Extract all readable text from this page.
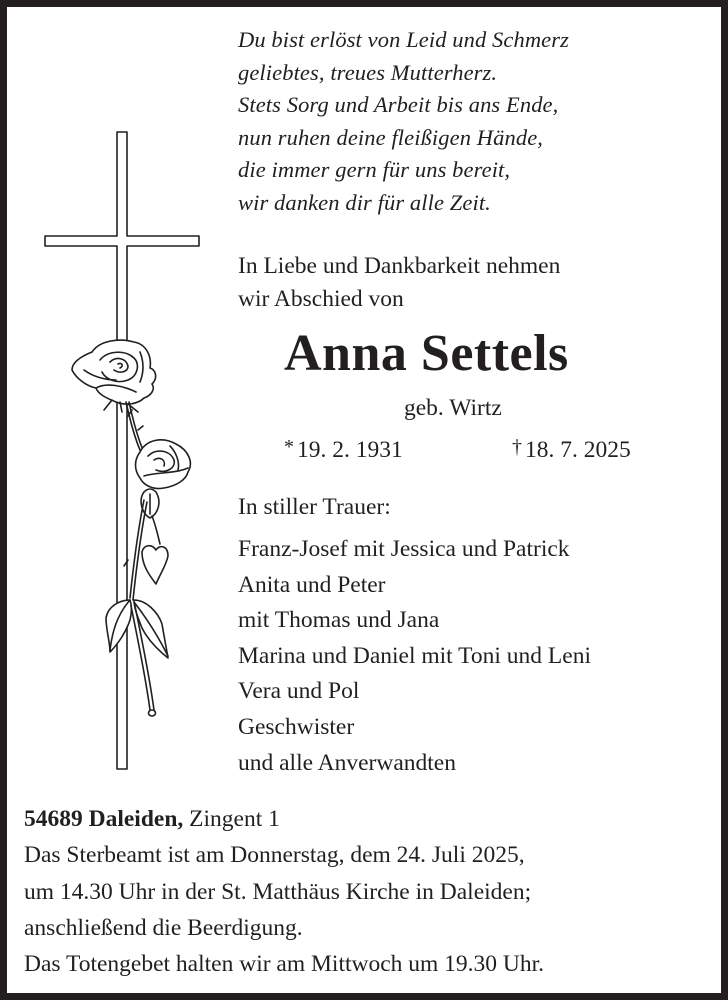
Du bist erlöst von Leid und Schmerz
geliebtes, treues Mutterherz.
Stets Sorg und Arbeit bis ans Ende,
nun ruhen deine fleißigen Hände,
die immer gern für uns bereit,
wir danken dir für alle Zeit.
In Liebe und Dankbarkeit nehmen
wir Abschied von
Anna Settels
geb. Wirtz
* 19. 2. 1931	† 18. 7. 2025
In stiller Trauer:
Franz-Josef mit Jessica und Patrick
Anita und Peter
mit Thomas und Jana
Marina und Daniel mit Toni und Leni
Vera und Pol
Geschwister
und alle Anverwandten
54689 Daleiden, Zingent 1
Das Sterbeamt ist am Donnerstag, dem 24. Juli 2025,
um 14.30 Uhr in der St. Matthäus Kirche in Daleiden;
anschließend die Beerdigung.
Das Totengebet halten wir am Mittwoch um 19.30 Uhr.
